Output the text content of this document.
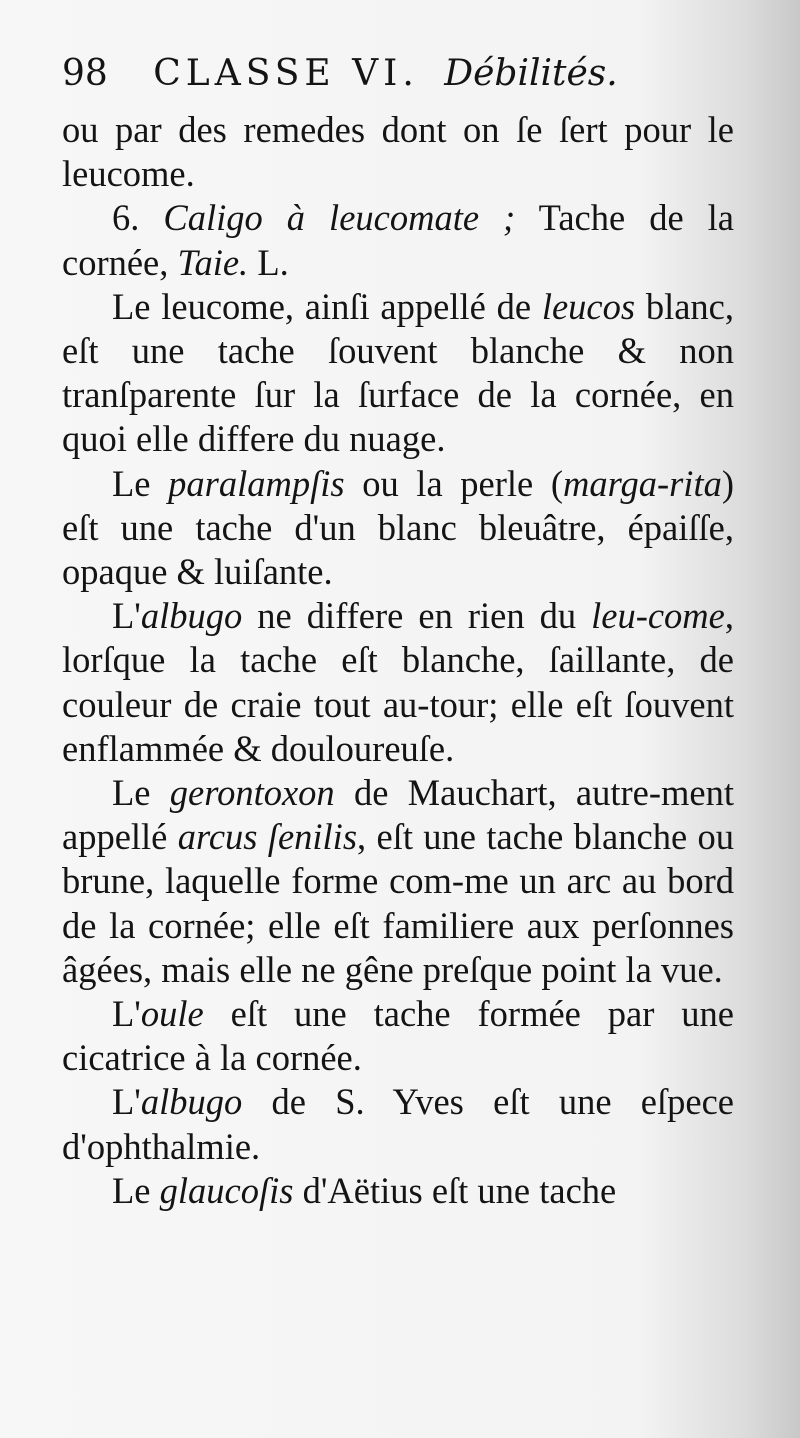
98 CLASSE VI. Débilités.

ou par des remedes dont on ſe ſert pour le leucome.

6. Caligo à leucomate ; Tache de la cornée, Taie. L.

Le leucome, ainſi appellé de leucos blanc, eſt une tache ſouvent blanche & non tranſparente ſur la ſurface de la cornée, en quoi elle differe du nuage.

Le paralampſis ou la perle (marga-rita) eſt une tache d'un blanc bleuâtre, épaiſſe, opaque & luiſante.

L'albugo ne differe en rien du leu-come, lorſque la tache eſt blanche, ſaillante, de couleur de craie tout au-tour; elle eſt ſouvent enflammée & douloureuſe.

Le gerontoxon de Mauchart, autre-ment appellé arcus ſenilis, eſt une tache blanche ou brune, laquelle forme com-me un arc au bord de la cornée; elle eſt familiere aux perſonnes âgées, mais elle ne gêne preſque point la vue.

L'oule eſt une tache formée par une cicatrice à la cornée.

L'albugo de S. Yves eſt une eſpece d'ophthalmie.

Le glaucoſis d'Aëtius eſt une tache
